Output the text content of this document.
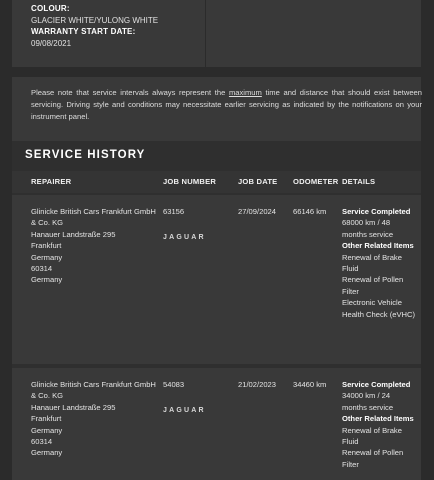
COLOUR:
GLACIER WHITE/YULONG WHITE
WARRANTY START DATE:
09/08/2021
Please note that service intervals always represent the maximum time and distance that should exist between servicing. Driving style and conditions may necessitate earlier servicing as indicated by the notifications on your instrument panel.
SERVICE HISTORY
REPAIRER	JOB NUMBER	JOB DATE ODOMETER DETAILS
Glinicke British Cars Frankfurt GmbH & Co. KG
Hanauer Landstraße 295
Frankfurt
Germany
60314
Germany
63156
JAGUAR
27/09/2024 66146 km Service Completed
68000 km / 48 months service
Other Related Items
Renewal of Brake Fluid
Renewal of Pollen Filter
Electronic Vehicle Health Check (eVHC)
Glinicke British Cars Frankfurt GmbH & Co. KG
Hanauer Landstraße 295
Frankfurt
Germany
60314
Germany
54083
JAGUAR
21/02/2023 34460 km Service Completed
34000 km / 24 months service
Other Related Items
Renewal of Brake Fluid
Renewal of Pollen Filter
